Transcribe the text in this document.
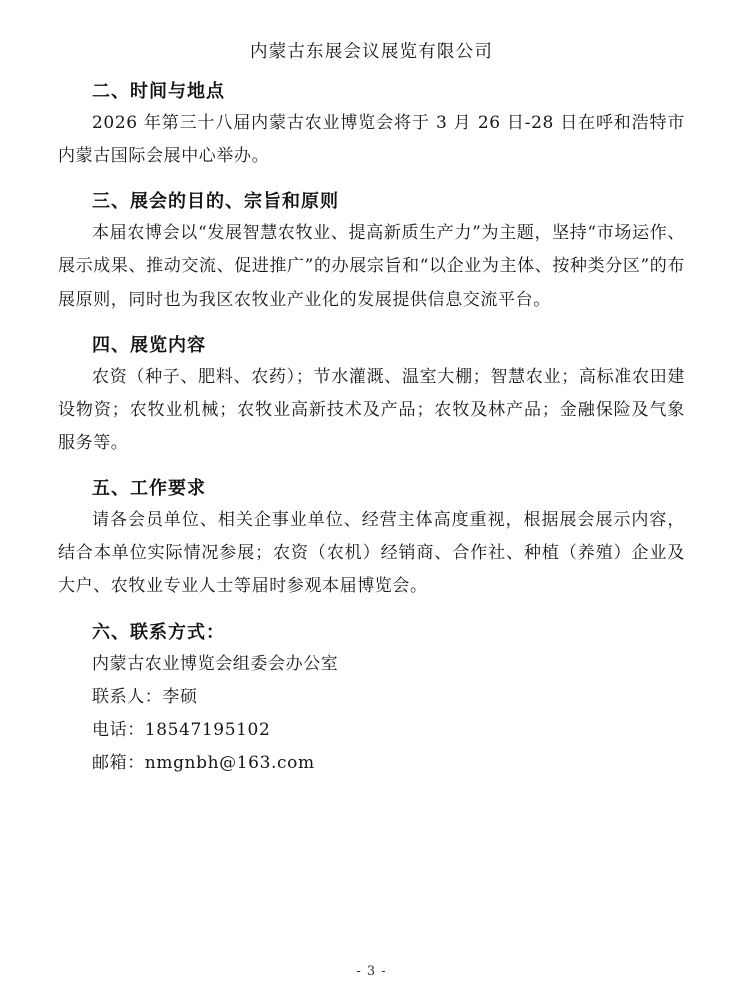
内蒙古东展会议展览有限公司
二、时间与地点

2026 年第三十八届内蒙古农业博览会将于 3 月 26 日-28 日在呼和浩特市内蒙古国际会展中心举办。

三、展会的目的、宗旨和原则

本届农博会以“发展智慧农牧业、提高新质生产力”为主题，坚持“市场运作、展示成果、推动交流、促进推广”的办展宗旨和“以企业为主体、按种类分区”的布展原则，同时也为我区农牧业产业化的发展提供信息交流平台。

四、展览内容

农资（种子、肥料、农药）；节水灌溉、温室大棚；智慧农业；高标准农田建设物资；农牧业机械；农牧业高新技术及产品；农牧及林产品；金融保险及气象服务等。

五、工作要求

请各会员单位、相关企事业单位、经营主体高度重视，根据展会展示内容，结合本单位实际情况参展；农资（农机）经销商、合作社、种植（养殖）企业及大户、农牧业专业人士等届时参观本届博览会。

六、联系方式：

内蒙古农业博览会组委会办公室

联系人：李硕

电话：18547195102

邮箱：nmgnbh@163.com

- 3 -
